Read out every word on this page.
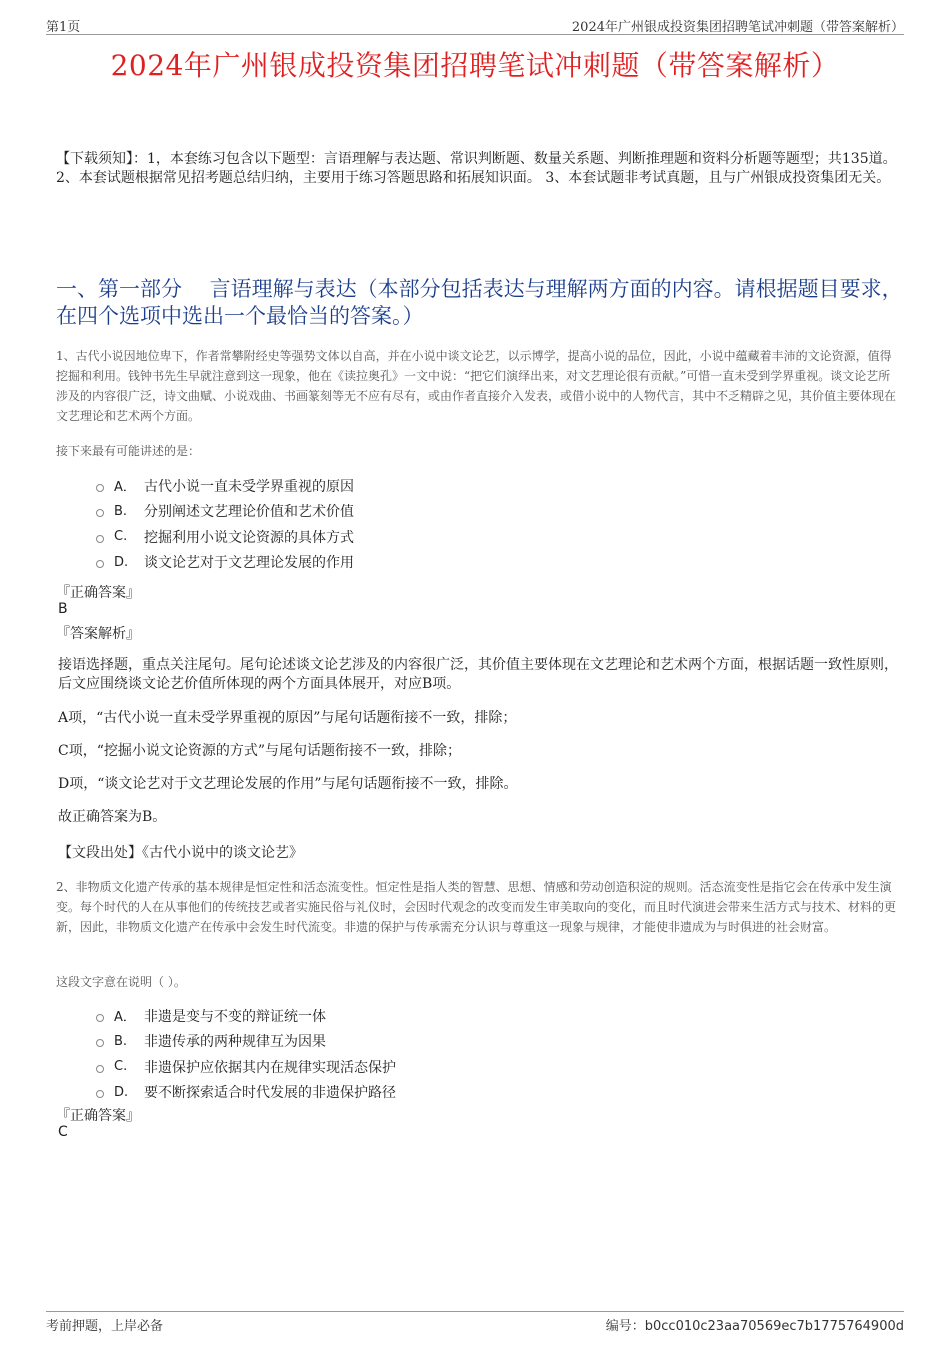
第1页	2024年广州银成投资集团招聘笔试冲刺题（带答案解析）
2024年广州银成投资集团招聘笔试冲刺题（带答案解析）
【下载须知】：1，本套练习包含以下题型：言语理解与表达题、常识判断题、数量关系题、判断推理题和资料分析题等题型；共135道。 2、本套试题根据常见招考题总结归纳，主要用于练习答题思路和拓展知识面。 3、本套试题非考试真题，且与广州银成投资集团无关。
一、第一部分　 言语理解与表达（本部分包括表达与理解两方面的内容。请根据题目要求，在四个选项中选出一个最恰当的答案。）
1、古代小说因地位卑下，作者常攀附经史等强势文体以自高，并在小说中谈文论艺，以示博学，提高小说的品位，因此，小说中蕴藏着丰沛的文论资源，值得挖掘和利用。钱钟书先生早就注意到这一现象，他在《读拉奥孔》一文中说：“把它们演绎出来，对文艺理论很有贡献。”可惜一直未受到学界重视。谈文论艺所涉及的内容很广泛，诗文曲赋、小说戏曲、书画篆刻等无不应有尽有，或由作者直接介入发表，或借小说中的人物代言，其中不乏精辟之见，其价值主要体现在文艺理论和艺术两个方面。
接下来最有可能讲述的是：
A． 古代小说一直未受学界重视的原因
B.	分别阐述文艺理论价值和艺术价值
C.	挖掘利用小说文论资源的具体方式
D.	谈文论艺对于文艺理论发展的作用
『正确答案』
B
『答案解析』
接语选择题，重点关注尾句。尾句论述谈文论艺涉及的内容很广泛，其价值主要体现在文艺理论和艺术两个方面，根据话题一致性原则，后文应围绕谈文论艺价值所体现的两个方面具体展开，对应B项。
A项，“古代小说一直未受学界重视的原因”与尾句话题衔接不一致，排除；
C项，“挖掘小说文论资源的方式”与尾句话题衔接不一致，排除；
D项，“谈文论艺对于文艺理论发展的作用”与尾句话题衔接不一致，排除。
故正确答案为B。
【文段出处】《古代小说中的谈文论艺》
2、非物质文化遗产传承的基本规律是恒定性和活态流变性。恒定性是指人类的智慧、思想、情感和劳动创造积淀的规则。活态流变性是指它会在传承中发生演变。每个时代的人在从事他们的传统技艺或者实施民俗与礼仪时，会因时代观念的改变而发生审美取向的变化，而且时代演进会带来生活方式与技术、材料的更新，因此，非物质文化遗产在传承中会发生时代流变。非遗的保护与传承需充分认识与尊重这一现象与规律，才能使非遗成为与时俱进的社会财富。
这段文字意在说明（ ）。
A． 非遗是变与不变的辩证统一体
B.	非遗传承的两种规律互为因果
C.	非遗保护应依据其内在规律实现活态保护
D.	要不断探索适合时代发展的非遗保护路径
『正确答案』
C
考前押题，上岸必备	编号：b0cc010c23aa70569ec7b1775764900d
